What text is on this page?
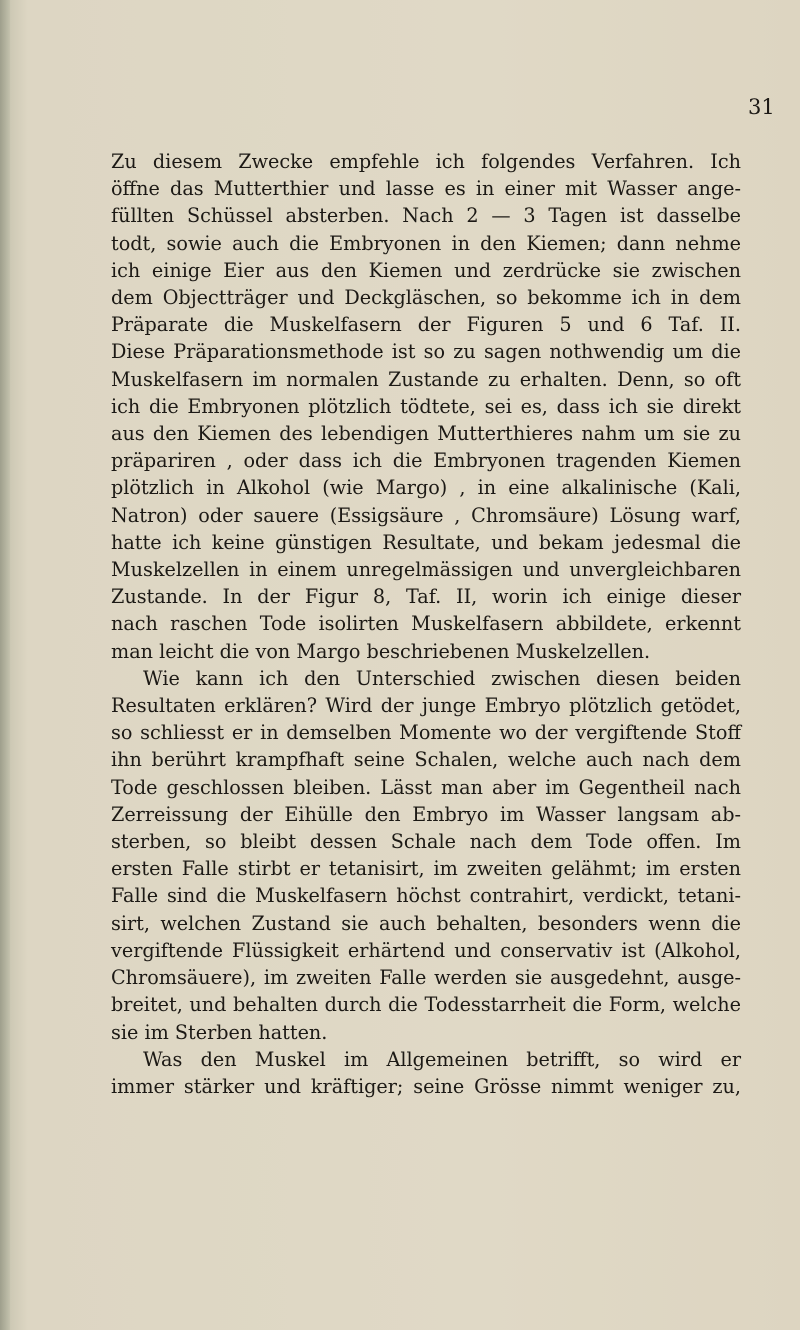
31

Zu diesem Zwecke empfehle ich folgendes Verfahren. Ich
öffne das Mutterthier und lasse es in einer mit Wasser ange-
füllten Schüssel absterben. Nach 2 — 3 Tagen ist dasselbe
todt, sowie auch die Embryonen in den Kiemen; dann nehme
ich einige Eier aus den Kiemen und zerdrücke sie zwischen
dem Objectträger und Deckgläschen, so bekomme ich in dem
Präparate die Muskelfasern der Figuren 5 und 6 Taf. II.
Diese Präparationsmethode ist so zu sagen nothwendig um die
Muskelfasern im normalen Zustande zu erhalten. Denn, so oft
ich die Embryonen plötzlich tödtete, sei es, dass ich sie direkt
aus den Kiemen des lebendigen Mutterthieres nahm um sie zu
präpariren , oder dass ich die Embryonen tragenden Kiemen
plötzlich in Alkohol (wie Margo) , in eine alkalinische (Kali,
Natron) oder sauere (Essigsäure , Chromsäure) Lösung warf,
hatte ich keine günstigen Resultate, und bekam jedesmal die
Muskelzellen in einem unregelmässigen und unvergleichbaren
Zustande. In der Figur 8, Taf. II, worin ich einige dieser
nach raschen Tode isolirten Muskelfasern abbildete, erkennt
man leicht die von Margo beschriebenen Muskelzellen.

Wie kann ich den Unterschied zwischen diesen beiden
Resultaten erklären? Wird der junge Embryo plötzlich getödet,
so schliesst er in demselben Momente wo der vergiftende Stoff
ihn berührt krampfhaft seine Schalen, welche auch nach dem
Tode geschlossen bleiben. Lässt man aber im Gegentheil nach
Zerreissung der Eihülle den Embryo im Wasser langsam ab-
sterben, so bleibt dessen Schale nach dem Tode offen. Im
ersten Falle stirbt er tetanisirt, im zweiten gelähmt; im ersten
Falle sind die Muskelfasern höchst contrahirt, verdickt, tetani-
sirt, welchen Zustand sie auch behalten, besonders wenn die
vergiftende Flüssigkeit erhärtend und conservativ ist (Alkohol,
Chromsäuere), im zweiten Falle werden sie ausgedehnt, ausge-
breitet, und behalten durch die Todesstarrheit die Form, welche
sie im Sterben hatten.

Was den Muskel im Allgemeinen betrifft, so wird er
immer stärker und kräftiger; seine Grösse nimmt weniger zu,
